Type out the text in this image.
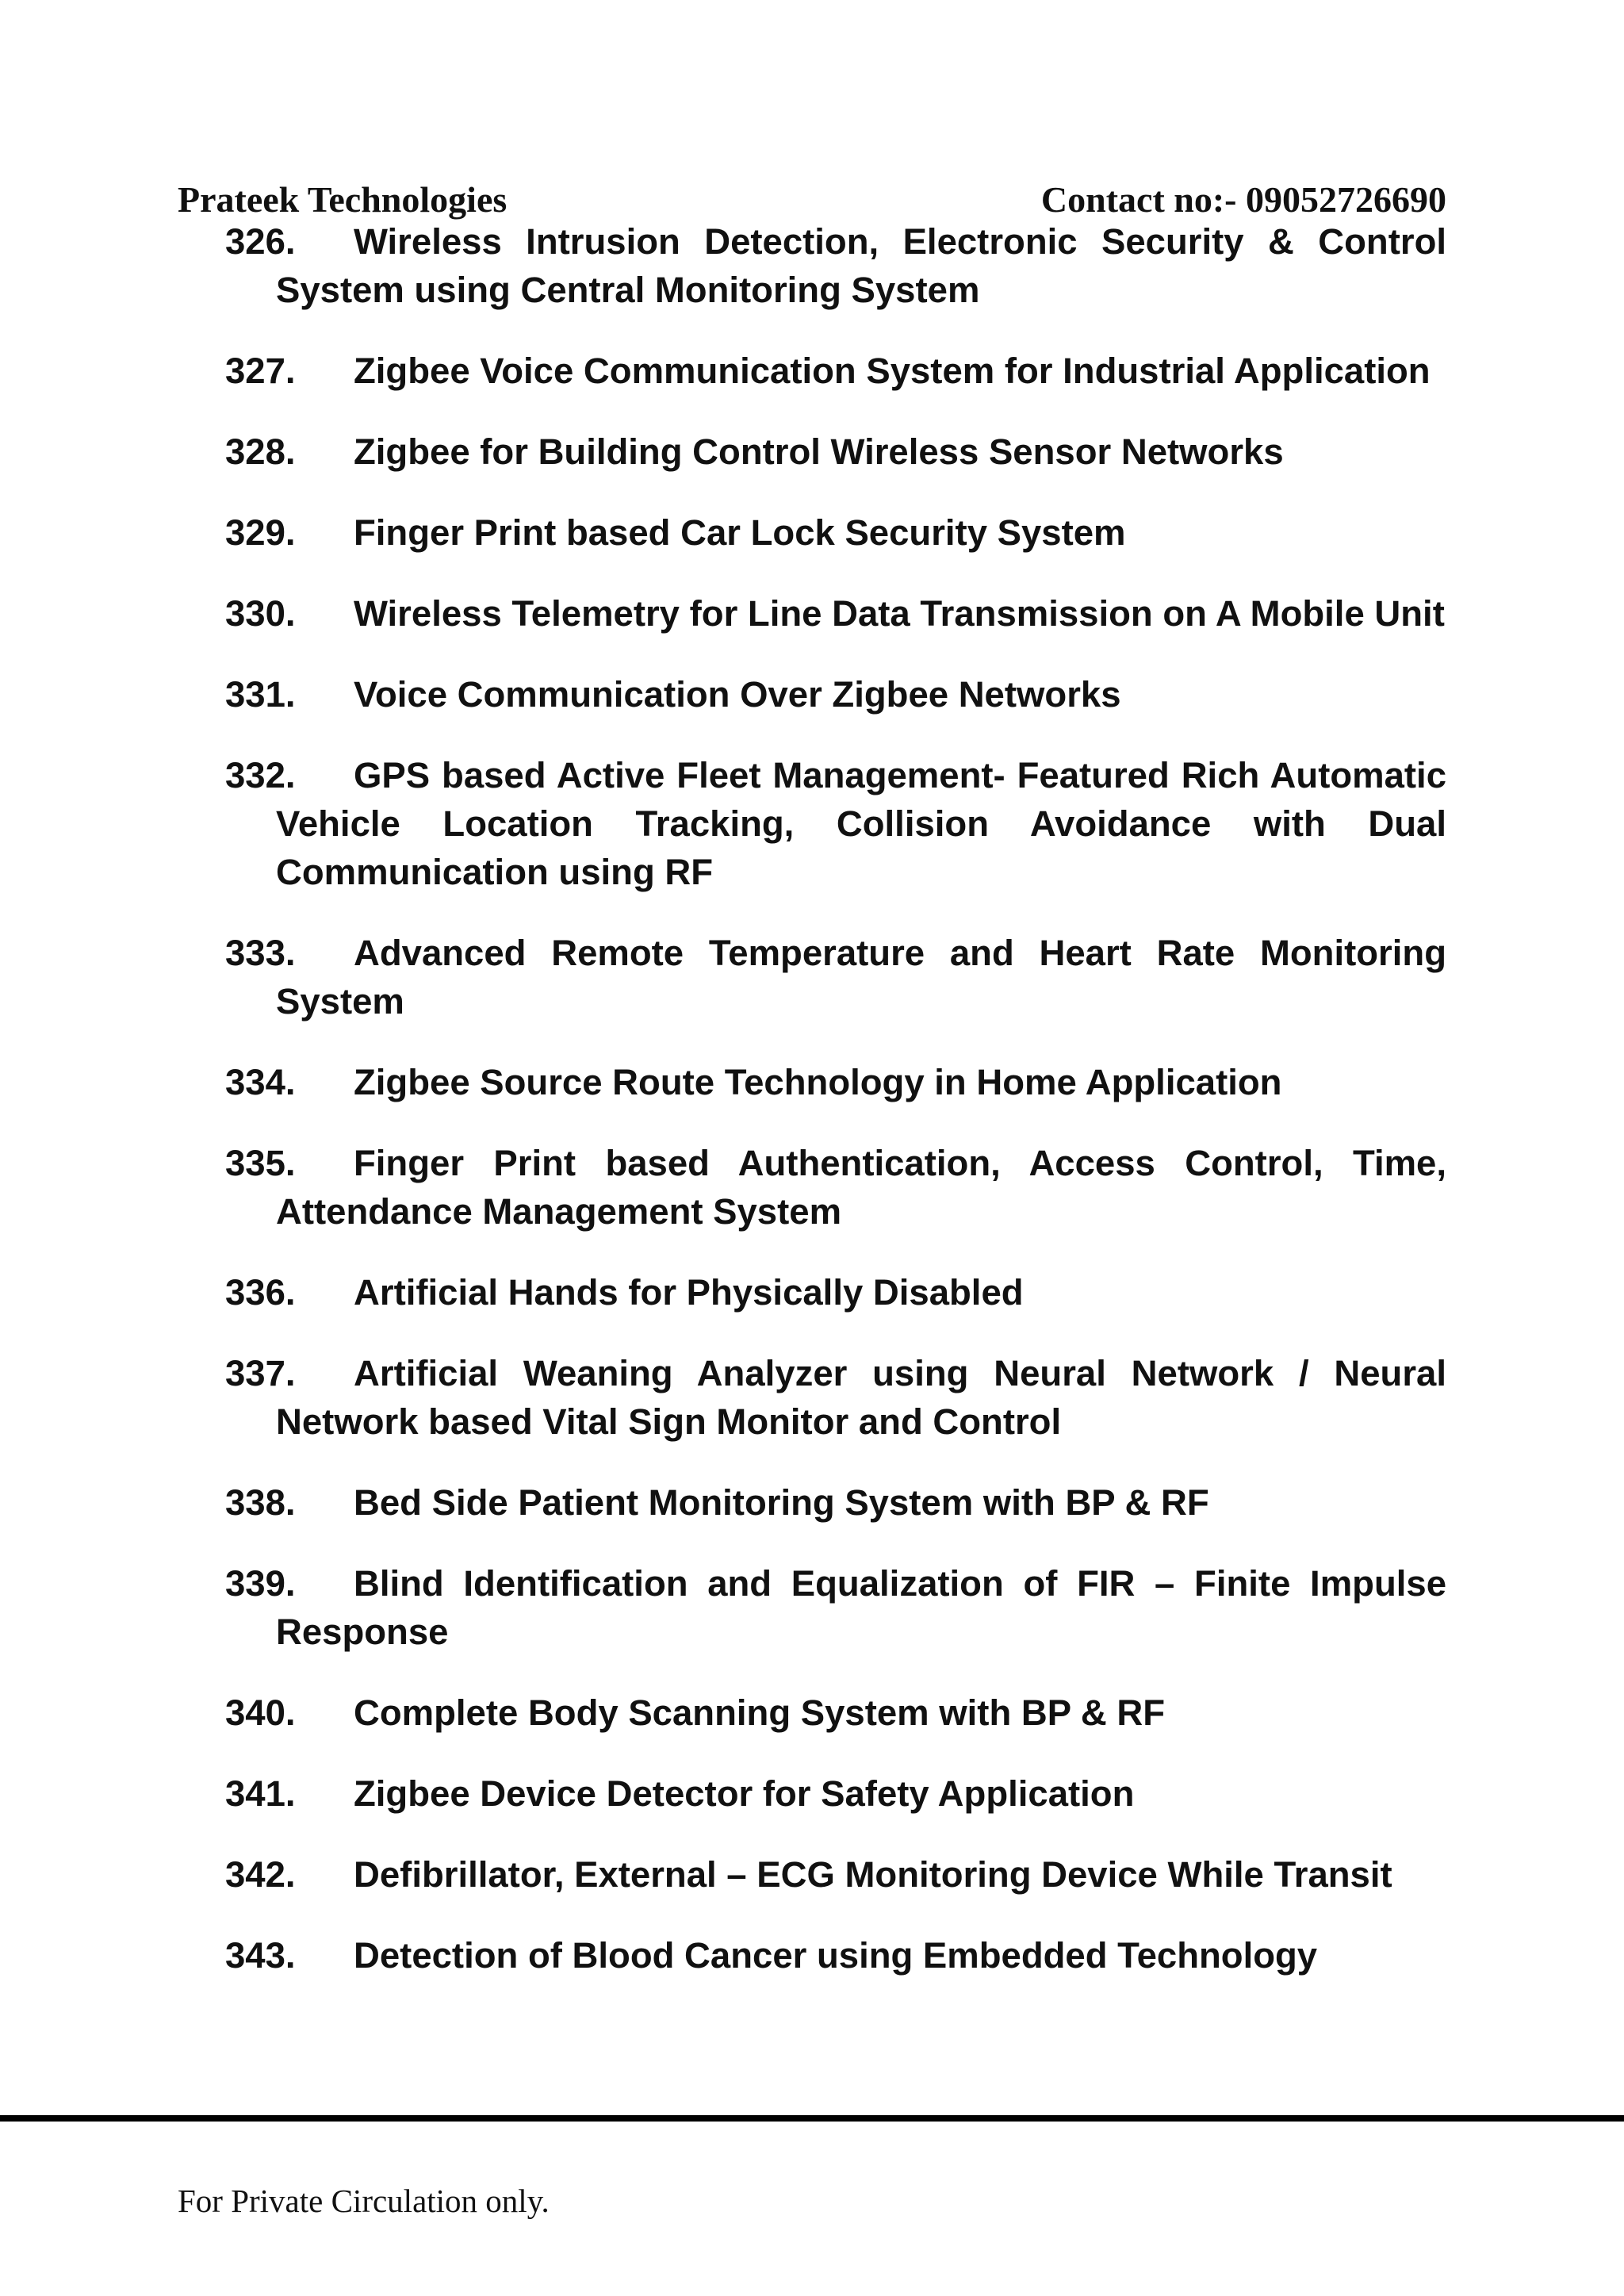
Prateek Technologies	Contact no:- 09052726690
326. Wireless Intrusion Detection, Electronic Security & Control System using Central Monitoring System
327. Zigbee Voice Communication System for Industrial Application
328. Zigbee for Building Control Wireless Sensor Networks
329. Finger Print based Car Lock Security System
330. Wireless Telemetry for Line Data Transmission on A Mobile Unit
331. Voice Communication Over Zigbee Networks
332. GPS based Active Fleet Management- Featured Rich Automatic Vehicle Location Tracking, Collision Avoidance with Dual Communication using RF
333. Advanced Remote Temperature and Heart Rate Monitoring System
334. Zigbee Source Route Technology in Home Application
335. Finger Print based Authentication, Access Control, Time, Attendance Management System
336. Artificial Hands for Physically Disabled
337. Artificial Weaning Analyzer using Neural Network / Neural Network based Vital Sign Monitor and Control
338. Bed Side Patient Monitoring System with BP & RF
339. Blind Identification and Equalization of FIR – Finite Impulse Response
340. Complete Body Scanning System with BP & RF
341. Zigbee Device Detector for Safety Application
342. Defibrillator, External – ECG Monitoring Device While Transit
343. Detection of Blood Cancer using Embedded Technology
For Private Circulation only.
